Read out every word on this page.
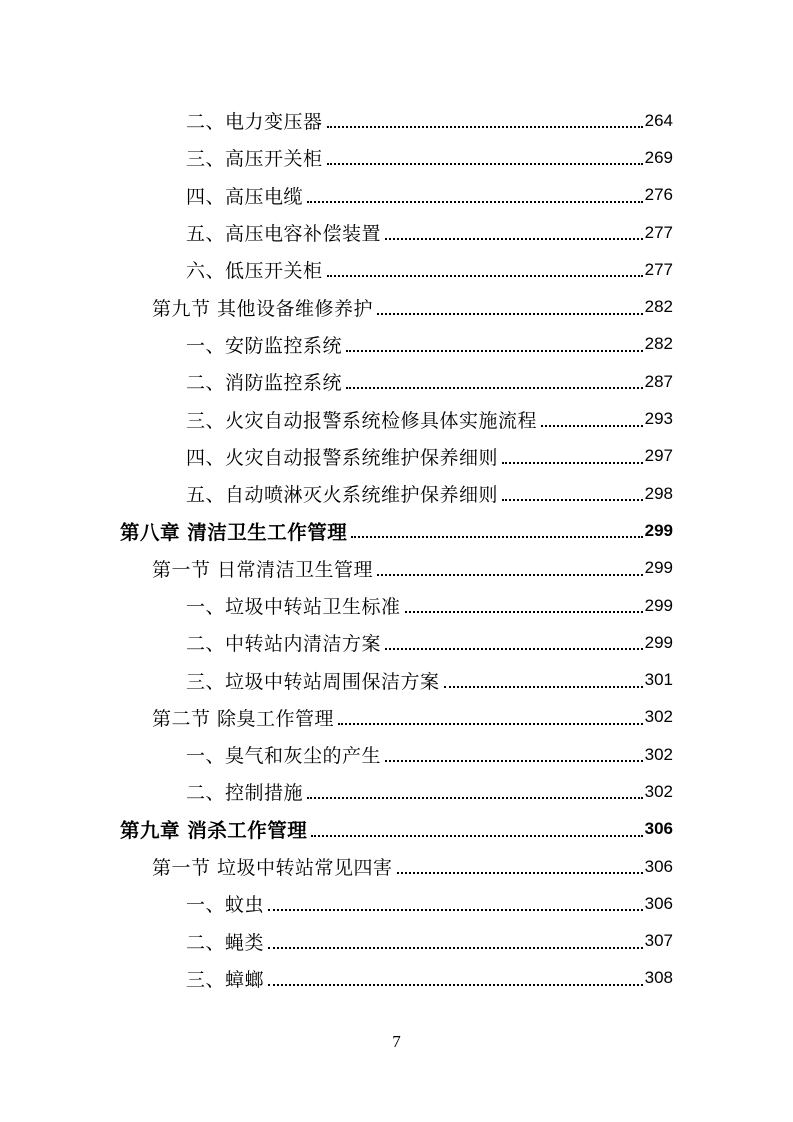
二、电力变压器	264
三、高压开关柜	269
四、高压电缆	276
五、高压电容补偿装置	277
六、低压开关柜	277
第九节 其他设备维修养护	282
一、安防监控系统	282
二、消防监控系统	287
三、火灾自动报警系统检修具体实施流程	293
四、火灾自动报警系统维护保养细则	297
五、自动喷淋灭火系统维护保养细则	298
第八章 清洁卫生工作管理	299
第一节 日常清洁卫生管理	299
一、垃圾中转站卫生标准	299
二、中转站内清洁方案	299
三、垃圾中转站周围保洁方案	301
第二节 除臭工作管理	302
一、臭气和灰尘的产生	302
二、控制措施	302
第九章 消杀工作管理	306
第一节 垃圾中转站常见四害	306
一、蚊虫	306
二、蝇类	307
三、蟑螂	308
7
